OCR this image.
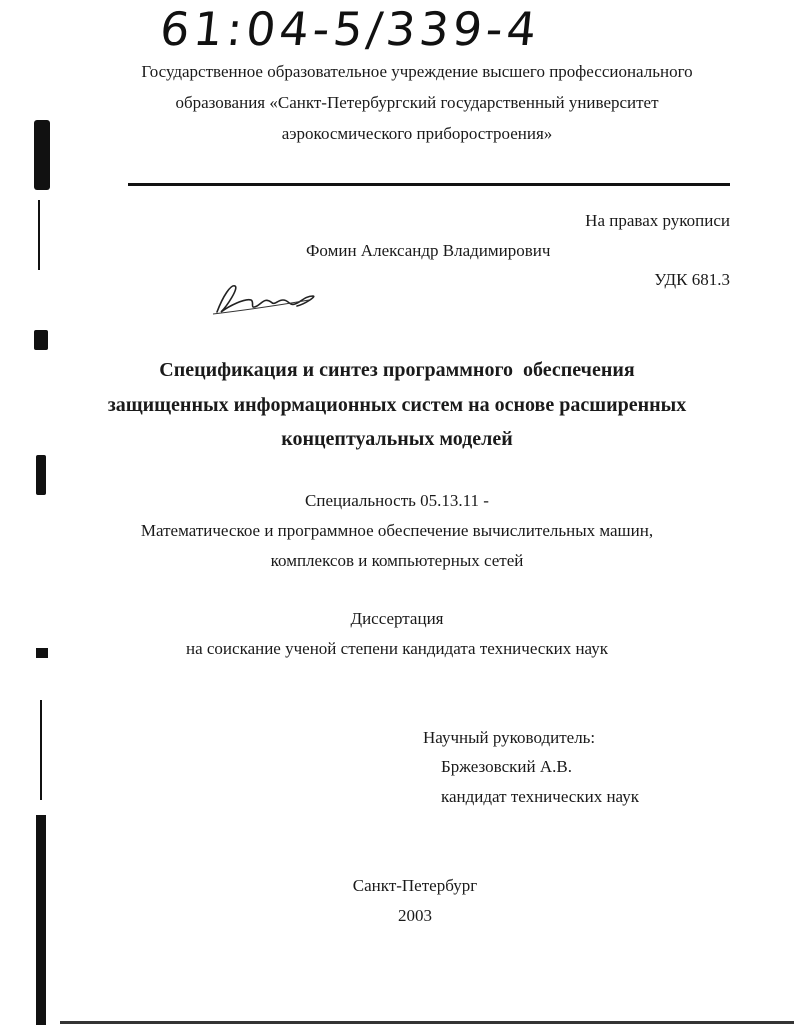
61:04-5/339-4
Государственное образовательное учреждение высшего профессионального
образования «Санкт-Петербургский государственный университет
аэрокосмического приборостроения»
На правах рукописи
Фомин Александр Владимирович
УДК 681.3
Спецификация и синтез программного  обеспечения
защищенных информационных систем на основе расширенных
концептуальных моделей
Специальность 05.13.11 -
Математическое и программное обеспечение вычислительных машин,
комплексов и компьютерных сетей
Диссертация
на соискание ученой степени кандидата технических наук
Научный руководитель:
Бржезовский А.В.
кандидат технических наук
Санкт-Петербург
2003
